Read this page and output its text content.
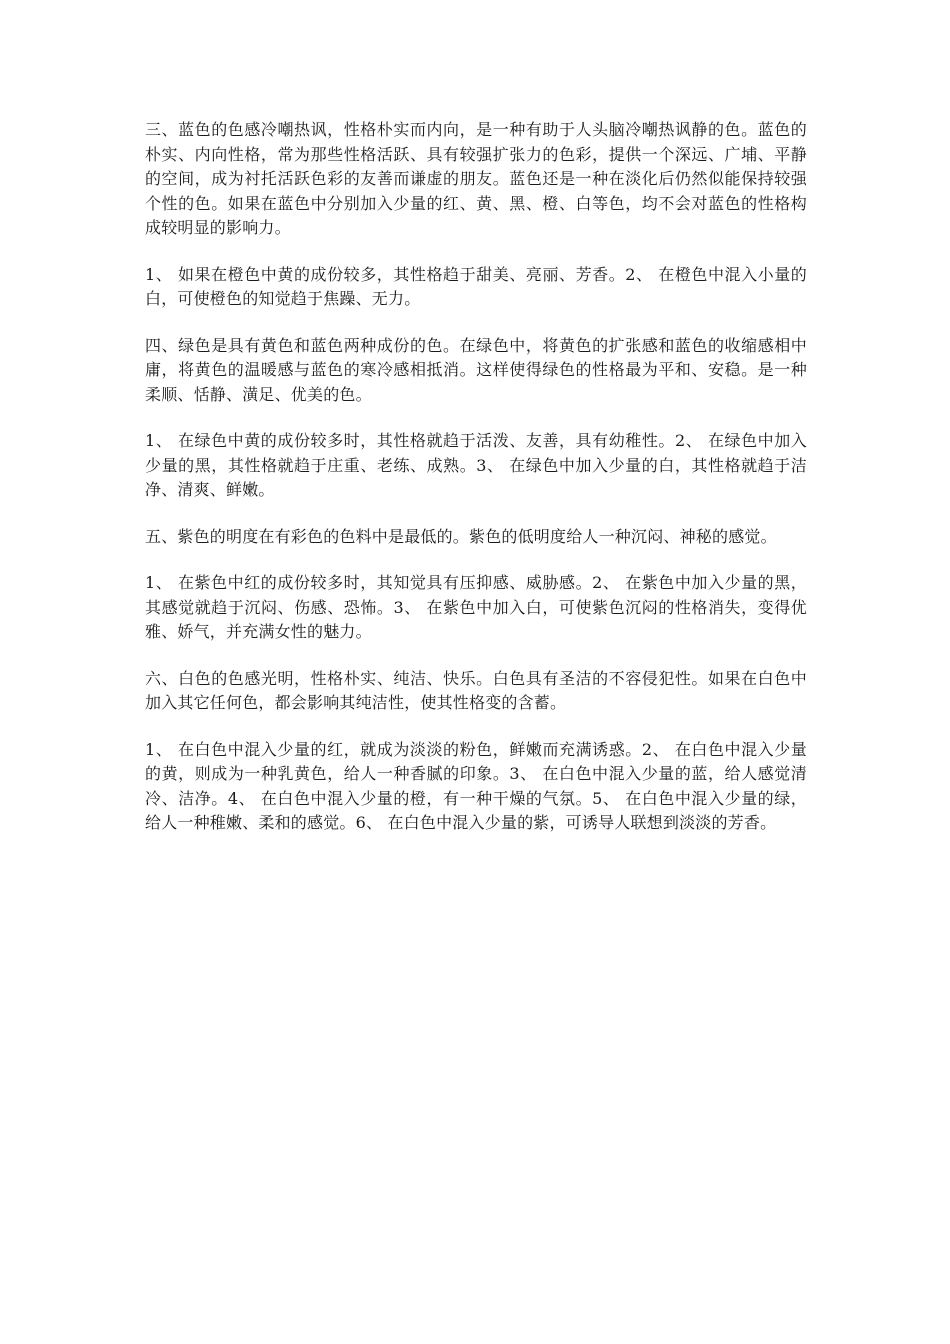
三、蓝色的色感冷嘲热讽，性格朴实而内向，是一种有助于人头脑冷嘲热讽静的色。蓝色的朴实、内向性格，常为那些性格活跃、具有较强扩张力的色彩，提供一个深远、广埔、平静的空间，成为衬托活跃色彩的友善而谦虚的朋友。蓝色还是一种在淡化后仍然似能保持较强个性的色。如果在蓝色中分别加入少量的红、黄、黑、橙、白等色，均不会对蓝色的性格构成较明显的影响力。

1、 如果在橙色中黄的成份较多，其性格趋于甜美、亮丽、芳香。2、 在橙色中混入小量的白，可使橙色的知觉趋于焦躁、无力。

四、绿色是具有黄色和蓝色两种成份的色。在绿色中，将黄色的扩张感和蓝色的收缩感相中庸，将黄色的温暖感与蓝色的寒冷感相抵消。这样使得绿色的性格最为平和、安稳。是一种柔顺、恬静、潢足、优美的色。

1、 在绿色中黄的成份较多时，其性格就趋于活泼、友善，具有幼稚性。2、 在绿色中加入少量的黑，其性格就趋于庄重、老练、成熟。3、 在绿色中加入少量的白，其性格就趋于洁净、清爽、鲜嫩。

五、紫色的明度在有彩色的色料中是最低的。紫色的低明度给人一种沉闷、神秘的感觉。

1、 在紫色中红的成份较多时，其知觉具有压抑感、威胁感。2、 在紫色中加入少量的黑，其感觉就趋于沉闷、伤感、恐怖。3、 在紫色中加入白，可使紫色沉闷的性格消失，变得优雅、娇气，并充满女性的魅力。

六、白色的色感光明，性格朴实、纯洁、快乐。白色具有圣洁的不容侵犯性。如果在白色中加入其它任何色，都会影响其纯洁性，使其性格变的含蓄。

1、 在白色中混入少量的红，就成为淡淡的粉色，鲜嫩而充满诱惑。2、 在白色中混入少量的黄，则成为一种乳黄色，给人一种香腻的印象。3、 在白色中混入少量的蓝，给人感觉清冷、洁净。4、 在白色中混入少量的橙，有一种干燥的气氛。5、 在白色中混入少量的绿，给人一种稚嫩、柔和的感觉。6、 在白色中混入少量的紫，可诱导人联想到淡淡的芳香。
